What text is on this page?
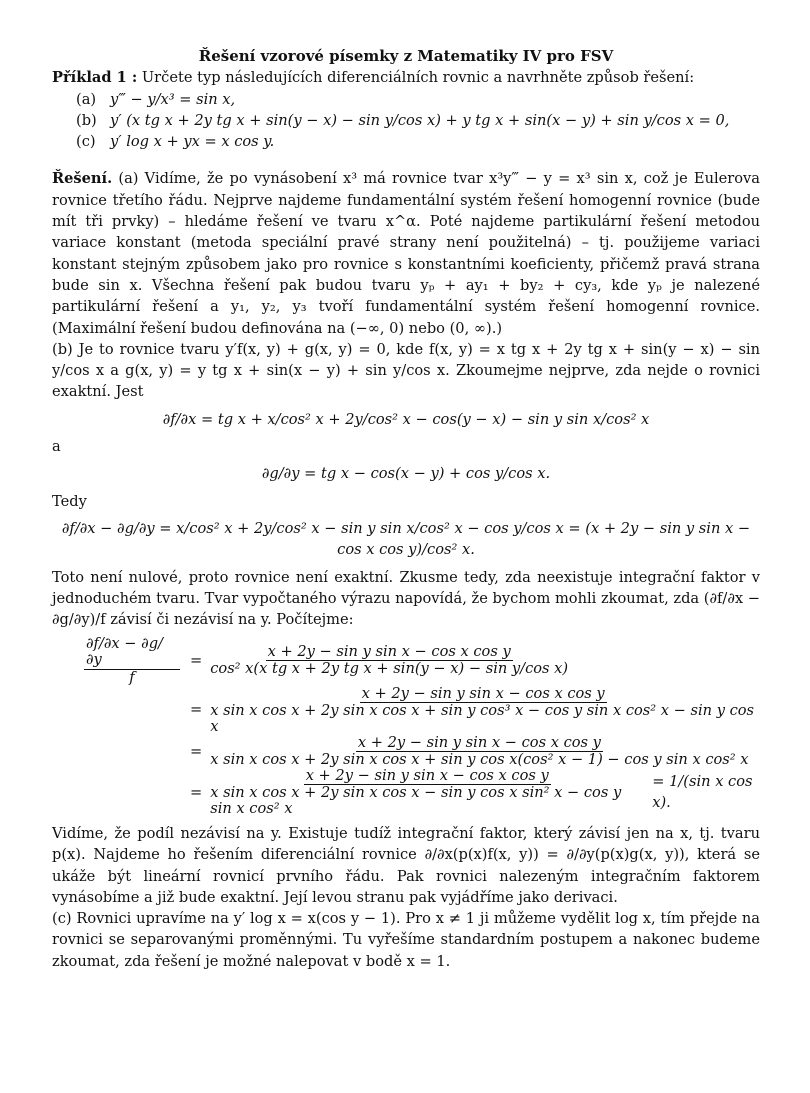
Řešení vzorové písemky z Matematiky IV pro FSV
Příklad 1 : Určete typ následujících diferenciálních rovnic a navrhněte způsob řešení:
(a) y‴ − y/x³ = sin x,
(b) y′ (x tg x + 2y tg x + sin(y − x) − sin y/cos x) + y tg x + sin(x − y) + sin y/cos x = 0,
(c) y′ log x + yx = x cos y.

Řešení. (a) Vidíme, že po vynásobení x³ má rovnice tvar x³y‴ − y = x³ sin x, což je Eulerova rovnice třetího řádu. Nejprve najdeme fundamentální systém řešení homogenní rovnice (bude mít tři prvky) – hledáme řešení ve tvaru x^α. Poté najdeme partikulární řešení metodou variace konstant (metoda speciální pravé strany není použitelná) – tj. použijeme variaci konstant stejným způsobem jako pro rovnice s konstantními koeficienty, přičemž pravá strana bude sin x. Všechna řešení pak budou tvaru yₚ + ay₁ + by₂ + cy₃, kde yₚ je nalezené partikulární řešení a y₁, y₂, y₃ tvoří fundamentální systém řešení homogenní rovnice. (Maximální řešení budou definována na (−∞, 0) nebo (0, ∞).)

(b) Je to rovnice tvaru y′f(x, y) + g(x, y) = 0, kde f(x, y) = x tg x + 2y tg x + sin(y − x) − sin y/cos x a g(x, y) = y tg x + sin(x − y) + sin y/cos x. Zkoumejme nejprve, zda nejde o rovnici exaktní. Jest

∂f/∂x = tg x + x/cos² x + 2y/cos² x − cos(y − x) − sin y sin x/cos² x
a
∂g/∂y = tg x − cos(x − y) + cos y/cos x.
Tedy
∂f/∂x − ∂g/∂y = x/cos² x + 2y/cos² x − sin y sin x/cos² x − cos y/cos x = (x + 2y − sin y sin x − cos x cos y)/cos² x.

Toto není nulové, proto rovnice není exaktní. Zkusme tedy, zda neexistuje integrační faktor v jednoduchém tvaru. Tvar vypočtaného výrazu napovídá, že bychom mohli zkoumat, zda (∂f/∂x − ∂g/∂y)/f závisí či nezávisí na y. Počítejme:

$\frac{\partial f/\partial x - \partial g/\partial y}{f} = \frac{\text{x + 2y − sin y sin x − cos x cos y}}{\text{cos² x(x tg x + 2y tg x + sin(y − x) − sin y/cos x)}}$
=
x + 2y − sin y sin x − cos x cos y
x sin x cos x + 2y sin x cos x + sin y cos³ x − cos y sin x cos² x − sin y cos x
=
x + 2y − sin y sin x − cos x cos y
x sin x cos x + 2y sin x cos x + sin y cos x(cos² x − 1) − cos y sin x cos² x
=
x + 2y − sin y sin x − cos x cos y
x sin x cos x + 2y sin x cos x − sin y cos x sin² x − cos y sin x cos² x
= 1/(sin x cos x).

Vidíme, že podíl nezávisí na y. Existuje tudíž integrační faktor, který závisí jen na x, tj. tvaru p(x). Najdeme ho řešením diferenciální rovnice ∂/∂x(p(x)f(x, y)) = ∂/∂y(p(x)g(x, y)), která se ukáže být lineární rovnicí prvního řádu. Pak rovnici nalezeným integračním faktorem vynásobíme a již bude exaktní. Její levou stranu pak vyjádříme jako derivaci.

(c) Rovnici upravíme na y′ log x = x(cos y − 1). Pro x ≠ 1 ji můžeme vydělit log x, tím přejde na rovnici se separovanými proměnnými. Tu vyřešíme standardním postupem a nakonec budeme zkoumat, zda řešení je možné nalepovat v bodě x = 1.
